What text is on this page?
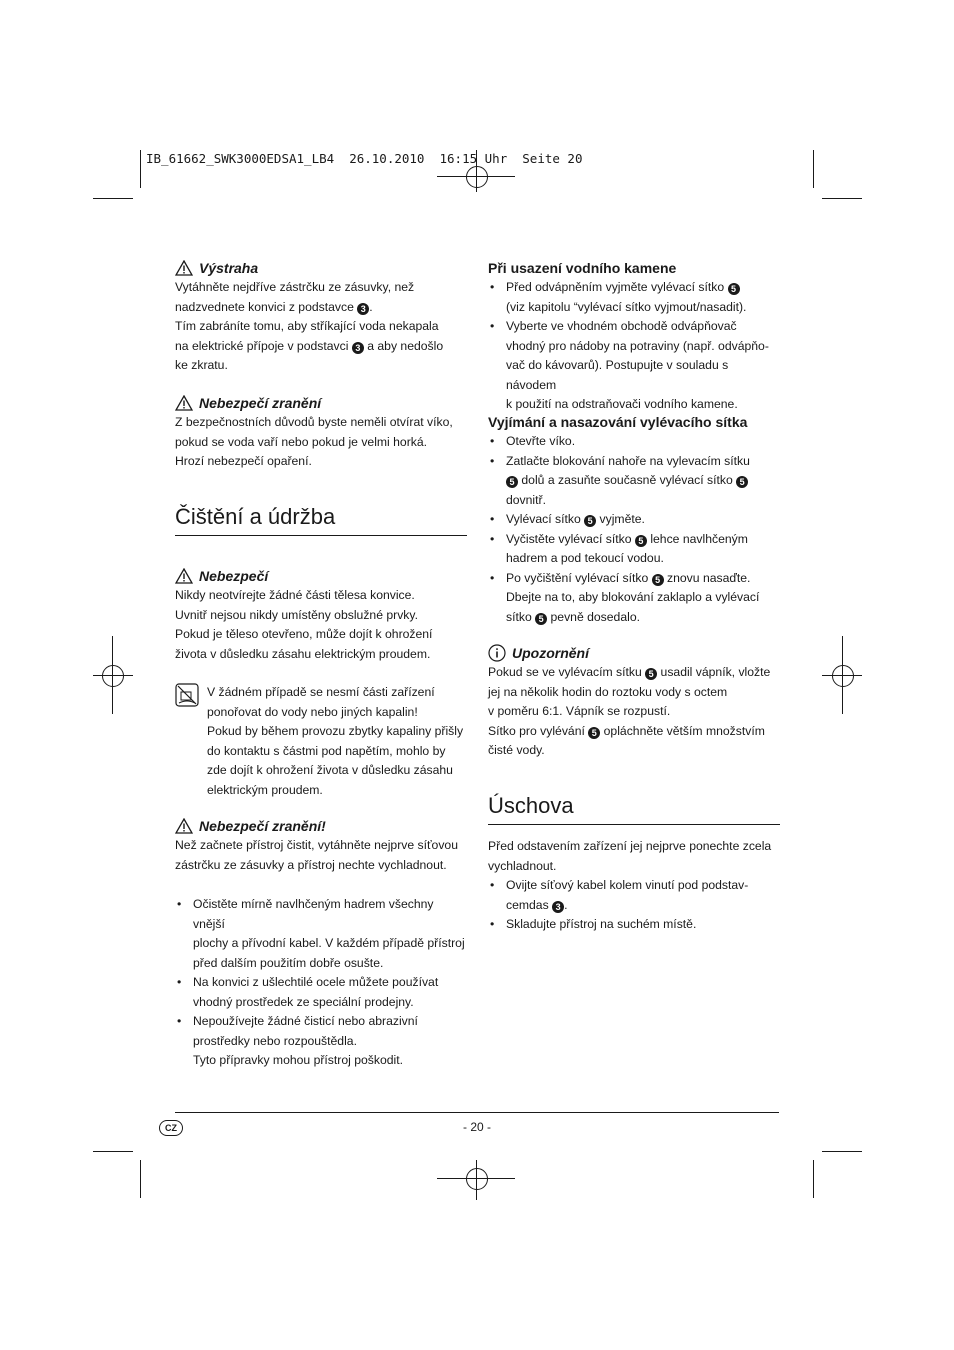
IB_61662_SWK3000EDSA1_LB4  26.10.2010  16:15 Uhr  Seite 20
Výstraha

Vytáhněte nejdříve zástrčku ze zásuvky, než

nadzvednete konvici z podstavce 3 .

Tím zabráníte tomu, aby stříkající voda nekapala

na elektrické přípoje v podstavci 3 a aby nedošlo

ke zkratu.

Nebezpečí zranění

Z bezpečnostních důvodů byste neměli otvírat víko,

pokud se voda vaří nebo pokud je velmi horká.

Hrozí nebezpečí opaření.

Čištění a údržba
Nebezpečí

Nikdy neotvírejte žádné části tělesa konvice.

Uvnitř nejsou nikdy umístěny obslužné prvky.

Pokud je těleso otevřeno, může dojít k ohrožení

života v důsledku zásahu elektrickým proudem.

V žádném případě se nesmí části zařízení

ponořovat do vody nebo jiných kapalin!

Pokud by během provozu zbytky kapaliny přišly

do kontaktu s částmi pod napětím, mohlo by

zde dojít k ohrožení života v důsledku zásahu

elektrickým proudem.

Nebezpečí zranění!

Než začnete přístroj čistit, vytáhněte nejprve síťovou

zástrčku ze zásuvky a přístroj nechte vychladnout.

• Očistěte mírně navlhčeným hadrem všechny vnější
plochy a přívodní kabel. V každém případě přístroj
před dalším použitím dobře osušte.
• Na konvici z ušlechtilé ocele můžete používat
vhodný prostředek ze speciální prodejny.
• Nepoužívejte žádné čisticí nebo abrazivní
prostředky nebo rozpouštědla.
Tyto přípravky mohou přístroj poškodit.
Při usazení vodního kamene
• Před odvápněním vyjměte vylévací sítko 5
(viz kapitolu “vylévací sítko vyjmout/nasadit).
• Vyberte ve vhodném obchodě odvápňovač
vhodný pro nádoby na potraviny (např. odvápňo-
vač do kávovarů). Postupujte v souladu s návodem
k použití na odstraňovači vodního kamene.
Vyjímání a nasazování vylévacího sítka
• Otevřte víko.
• Zatlačte blokování nahoře na vylevacím sítku
5 dolů a zasuňte současně vylévací sítko 5
dovnitř.
• Vylévací sítko 5 vyjměte.
• Vyčistěte vylévací sítko 5 lehce navlhčeným
hadrem a pod tekoucí vodou.
• Po vyčištění vylévací sítko 5 znovu nasaďte.
Dbejte na to, aby blokování zaklaplo a vylévací
sítko 5 pevně dosedalo.
Upozornění

Pokud se ve vylévacím sítku 5 usadil vápník, vložte

jej na několik hodin do roztoku vody s octem

v poměru 6:1. Vápník se rozpustí.

Sítko pro vylévání 5 opláchněte větším množstvím

čisté vody.

Úschova

Před odstavením zařízení jej nejprve ponechte zcela

vychladnout.

• Ovijte síťový kabel kolem vinutí pod podstav-
cemdas 3 .
• Skladujte přístroj na suchém místě.
CZ	- 20 -
